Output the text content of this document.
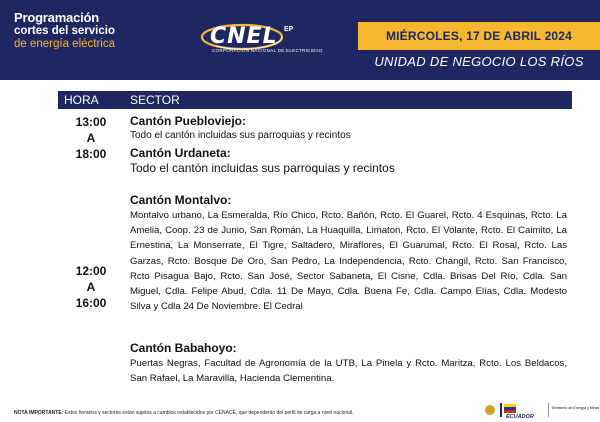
Programación
cortes del servicio
de energía eléctrica	CNEL EP
CORPORACIÓN NACIONAL DE ELECTRICIDAD
MIÉRCOLES, 17 DE ABRIL 2024
UNIDAD DE NEGOCIO LOS RÍOS
HORA	SECTOR
13:00
A
18:00
Cantón Puebloviejo:
Todo el cantón incluidas sus parroquias y recintos
Cantón Urdaneta:
Todo el cantón incluidas sus parroquias y recintos
12:00
A
16:00
Cantón Montalvo:
Montalvo urbano, La Esmeralda, Río Chico, Rcto. Bañón, Rcto. El Guarel, Rcto. 4 Esquinas, Rcto. La Amelia, Coop. 23 de Junio, San Román, La Huaquilla, Limaton, Rcto. El Volante, Rcto. El Caimito, La Ernestina, La Monserrate, El Tigre, Saltadero, Miraflores, El Guarumal, Rcto. El Rosal, Rcto. Las Garzas, Rcto. Bosque De Oro, San Pedro, La Independencia, Rcto. Changil, Rcto. San Francisco, Rcto Pisagua Bajo, Rcto. San José, Sector Sabaneta, El Cisne, Cdla. Brisas Del Río, Cdla. San Miguel, Cdla. Felipe Abud, Cdla. 11 De Mayo, Cdla. Buena Fe, Cdla. Campo Elías, Cdla. Modesto Silva y Cdla 24 De Noviembre. El Cedral
Cantón Babahoyo:
Puertas Negras, Facultad de Agronomía de la UTB, La Pinela y Rcto. Maritza, Rcto. Los Beldacos, San Rafael, La Maravilla, Hacienda Clementina.
NOTA IMPORTANTE: Estos horarios y sectores están sujetos a cambios establecidos por CENACE, que dependerán del perfil de carga a nivel nacional.
ECUADOR
Ministerio de Energía y Minas
